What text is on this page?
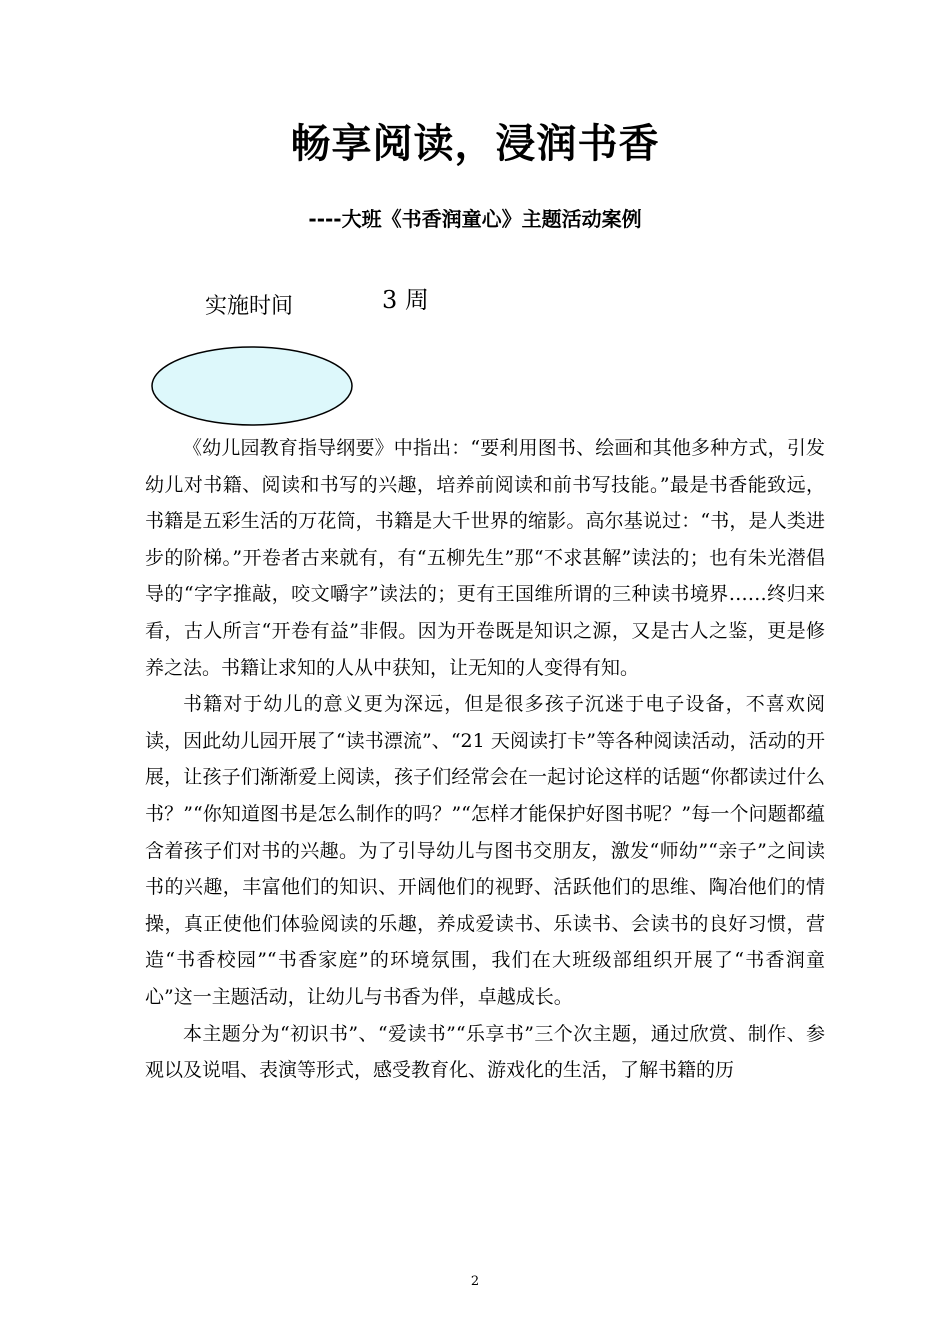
畅享阅读，浸润书香
----大班《书香润童心》主题活动案例
实施时间	3 周

《幼儿园教育指导纲要》中指出：“要利用图书、绘画和其他多种方式，引发幼儿对书籍、阅读和书写的兴趣，培养前阅读和前书写技能。”最是书香能致远，书籍是五彩生活的万花筒，书籍是大千世界的缩影。高尔基说过：“书，是人类进步的阶梯。”开卷者古来就有，有“五柳先生”那“不求甚解”读法的；也有朱光潜倡导的“字字推敲，咬文嚼字”读法的；更有王国维所谓的三种读书境界……终归来看，古人所言“开卷有益”非假。因为开卷既是知识之源，又是古人之鉴，更是修养之法。书籍让求知的人从中获知，让无知的人变得有知。

书籍对于幼儿的意义更为深远，但是很多孩子沉迷于电子设备，不喜欢阅读，因此幼儿园开展了“读书漂流”、“21 天阅读打卡”等各种阅读活动，活动的开展，让孩子们渐渐爱上阅读，孩子们经常会在一起讨论这样的话题“你都读过什么书？”“你知道图书是怎么制作的吗？”“怎样才能保护好图书呢？”每一个问题都蕴含着孩子们对书的兴趣。为了引导幼儿与图书交朋友，激发“师幼”“亲子”之间读书的兴趣，丰富他们的知识、开阔他们的视野、活跃他们的思维、陶冶他们的情操，真正使他们体验阅读的乐趣，养成爱读书、乐读书、会读书的良好习惯，营造“书香校园”“书香家庭”的环境氛围，我们在大班级部组织开展了“书香润童心”这一主题活动，让幼儿与书香为伴，卓越成长。

本主题分为“初识书”、“爱读书”“乐享书”三个次主题，通过欣赏、制作、参观以及说唱、表演等形式，感受教育化、游戏化的生活，了解书籍的历

2
